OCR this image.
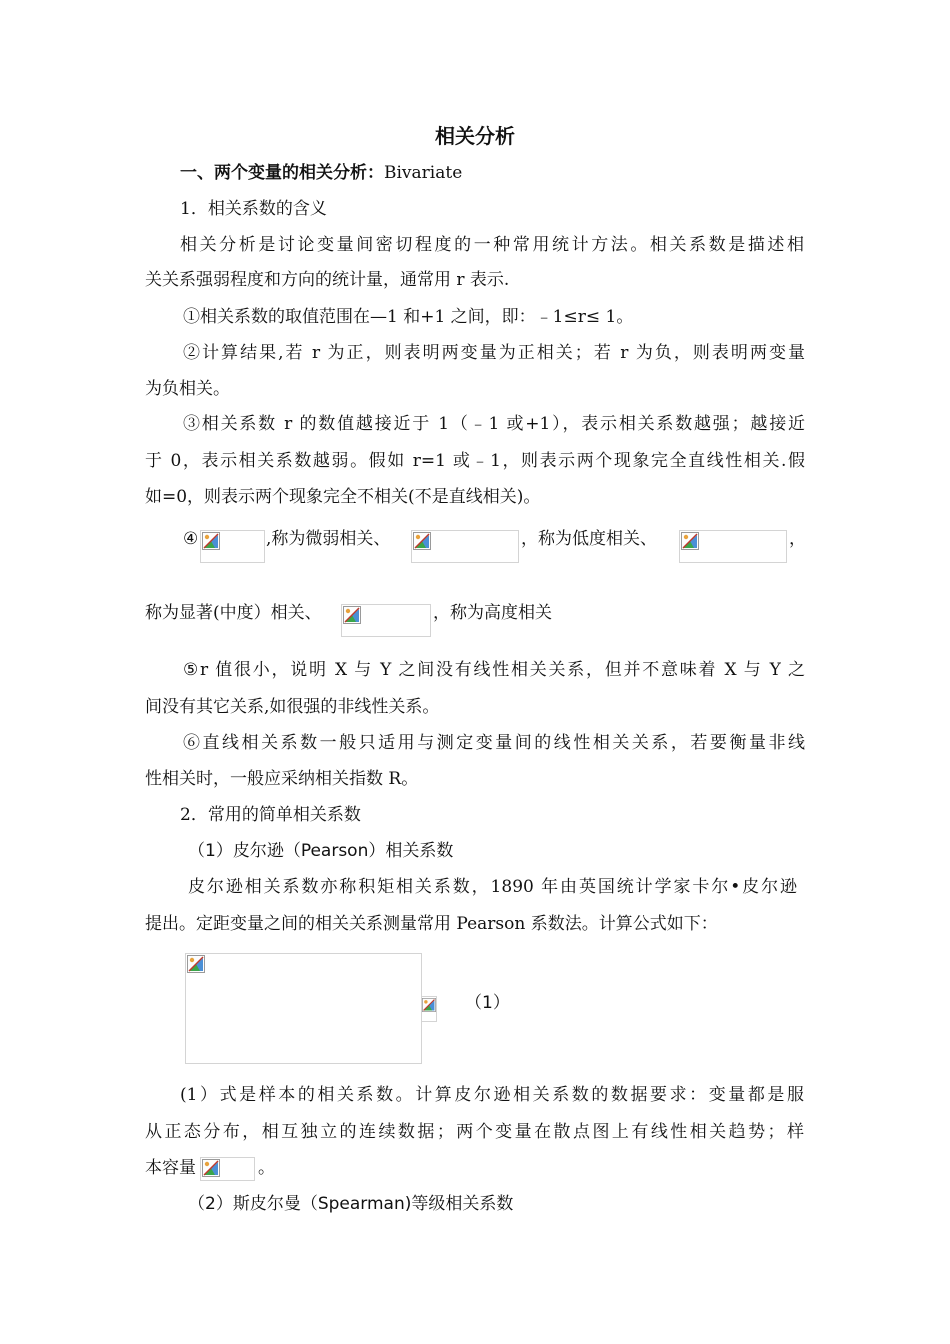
相关分析
一、两个变量的相关分析：Bivariate
1．相关系数的含义
相关分析是讨论变量间密切程度的一种常用统计方法。相关系数是描述相
关关系强弱程度和方向的统计量，通常用 r 表示.
①相关系数的取值范围在—1 和+1 之间，即：﹣1≤r≤ 1。
②计算结果,若 r 为正，则表明两变量为正相关；若 r 为负，则表明两变量
为负相关。
③相关系数 r 的数值越接近于 1（﹣1 或+1），表示相关系数越强；越接近
于 0，表示相关系数越弱。假如 r=1 或﹣1，则表示两个现象完全直线性相关.假
如=0，则表示两个现象完全不相关(不是直线相关)。
④	,称为微弱相关、	，称为低度相关、	，
称为显著(中度）相关、	，称为高度相关
⑤r 值很小，说明 X 与 Y 之间没有线性相关关系，但并不意味着 X 与 Y 之
间没有其它关系,如很强的非线性关系。
⑥直线相关系数一般只适用与测定变量间的线性相关关系，若要衡量非线
性相关时，一般应采纳相关指数 R。
2．常用的简单相关系数
（1）皮尔逊（Pearson）相关系数
皮尔逊相关系数亦称积矩相关系数，1890 年由英国统计学家卡尔•皮尔逊
提出。定距变量之间的相关关系测量常用 Pearson 系数法。计算公式如下：
（1）
(1）式是样本的相关系数。计算皮尔逊相关系数的数据要求：变量都是服
从正态分布，相互独立的连续数据；两个变量在散点图上有线性相关趋势；样
本容量	。
（2）斯皮尔曼（Spearman)等级相关系数
